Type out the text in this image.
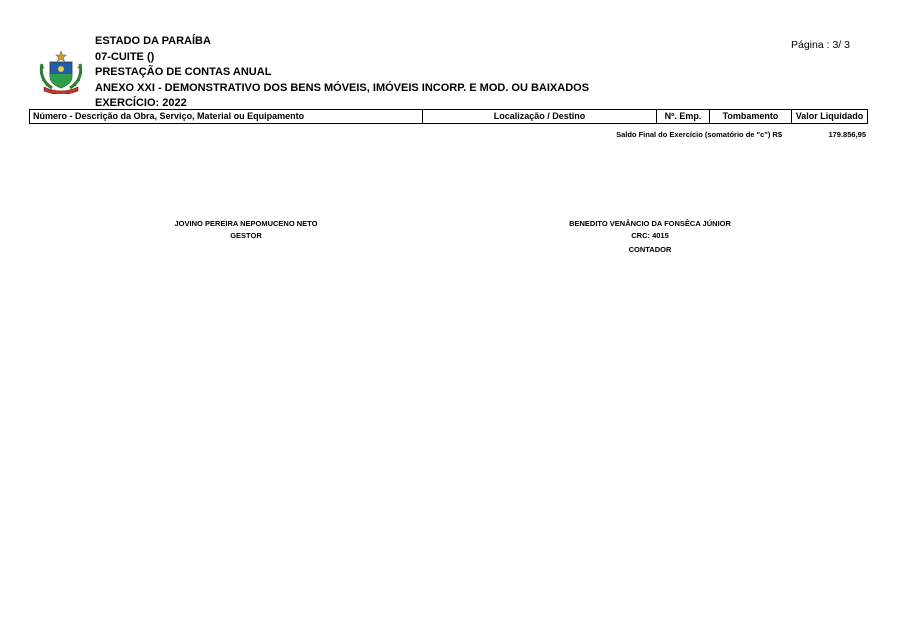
ESTADO DA PARAÍBA
07-CUITE ()
PRESTAÇÃO DE CONTAS ANUAL
ANEXO XXI - DEMONSTRATIVO DOS BENS MÓVEIS, IMÓVEIS INCORP. E MOD. OU BAIXADOS
EXERCÍCIO: 2022
Página : 3/ 3
Número - Descrição da Obra, Serviço, Material ou Equipamento	Localização / Destino	Nº. Emp.	Tombamento	Valor Liquidado
Saldo Final do Exercício (somatório de "c") R$	179.856,95
JOVINO PEREIRA NEPOMUCENO NETO
GESTOR
BENEDITO VENÂNCIO DA FONSÊCA JÚNIOR
CRC: 4015
CONTADOR
